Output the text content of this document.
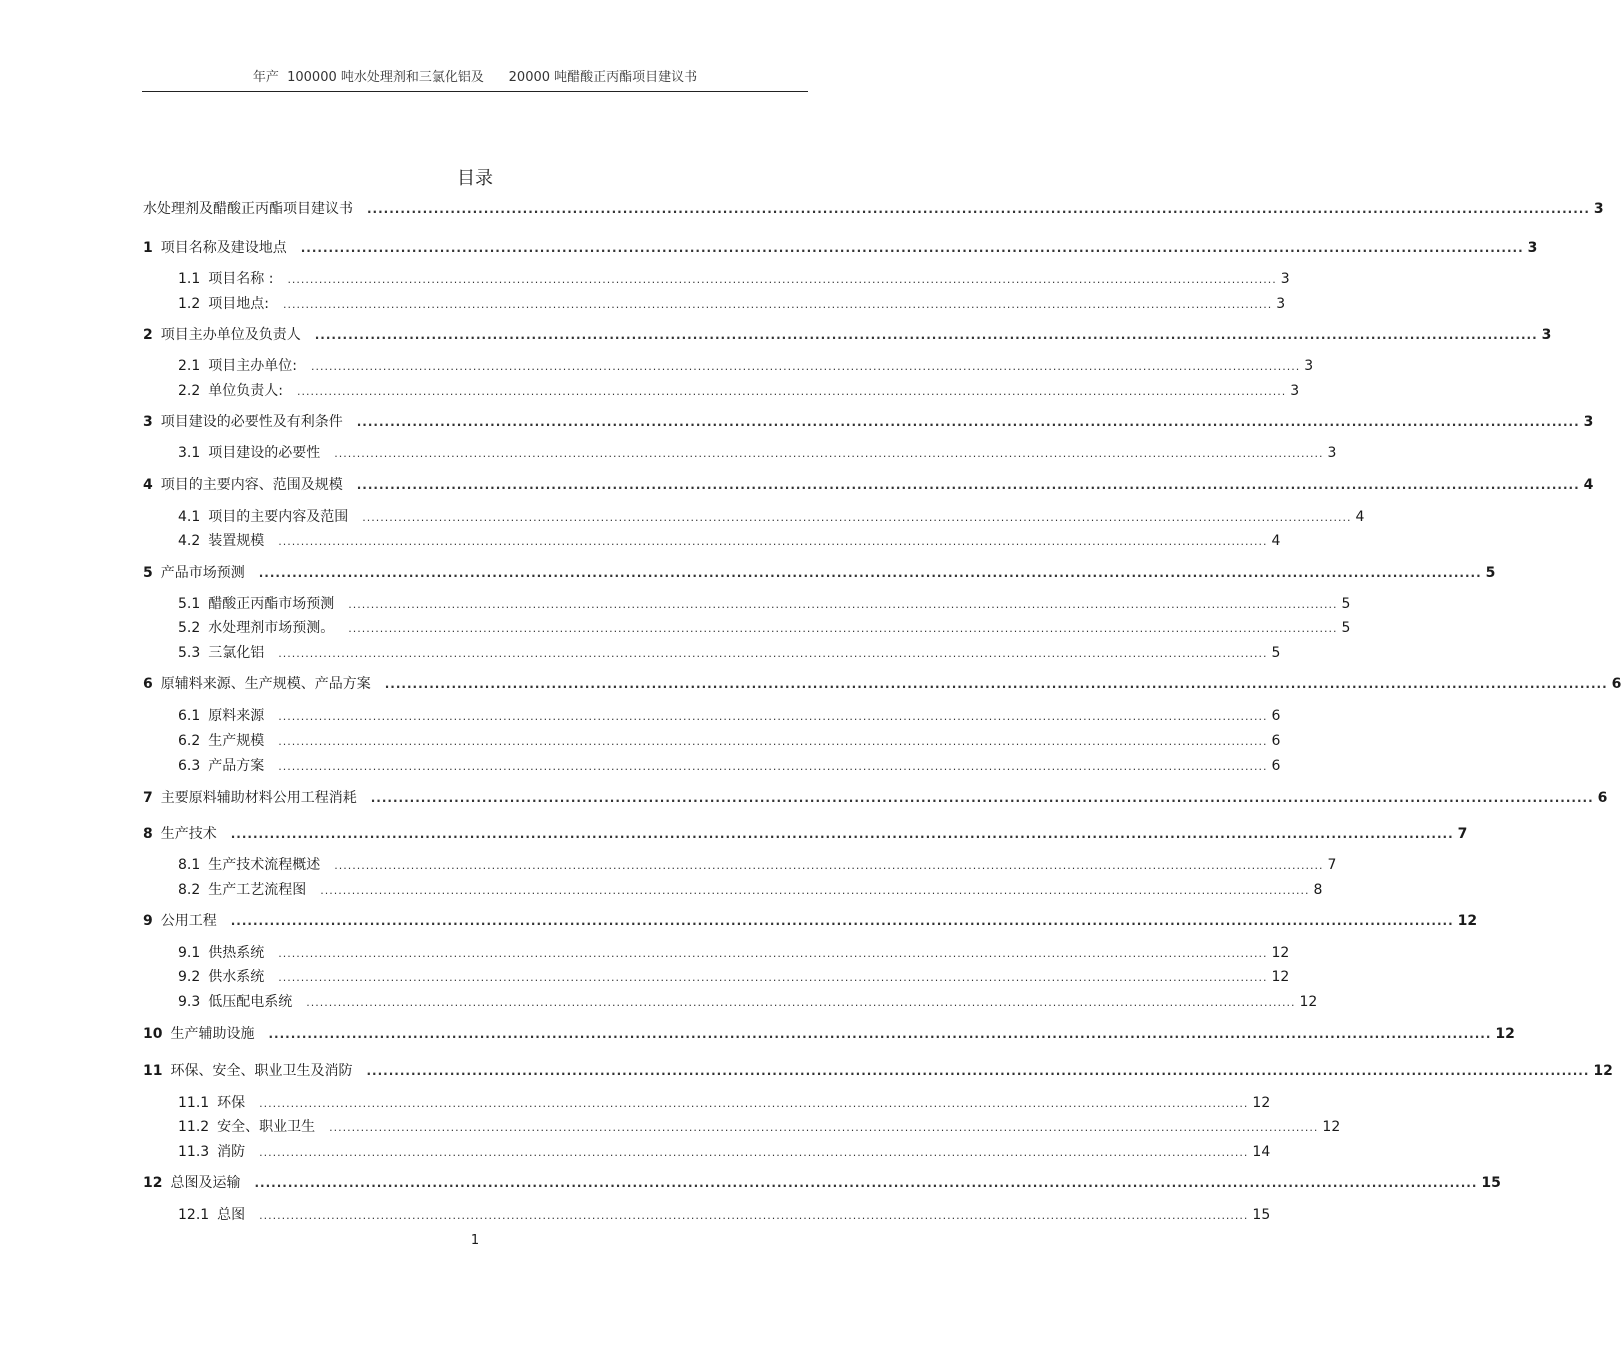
年产  100000 吨水处理剂和三氯化铝及      20000 吨醋酸正丙酯项目建议书
目录
水处理剂及醋酸正丙酯项目建议书 ............................................................................................................................................................................................................................ 3
1 项目名称及建设地点 ............................................................................................................................................................................................................................ 3
1.1 项目名称 : ............................................................................................................................................................................................................................ 3
1.2 项目地点: ............................................................................................................................................................................................................................ 3
2 项目主办单位及负责人 ............................................................................................................................................................................................................................ 3
2.1 项目主办单位: ............................................................................................................................................................................................................................ 3
2.2 单位负责人: ............................................................................................................................................................................................................................ 3
3 项目建设的必要性及有利条件 ............................................................................................................................................................................................................................ 3
3.1 项目建设的必要性 ............................................................................................................................................................................................................................ 3
4 项目的主要内容、范围及规模 ............................................................................................................................................................................................................................ 4
4.1 项目的主要内容及范围 ............................................................................................................................................................................................................................ 4
4.2 装置规模 ............................................................................................................................................................................................................................ 4
5 产品市场预测 ............................................................................................................................................................................................................................ 5
5.1 醋酸正丙酯市场预测 ............................................................................................................................................................................................................................ 5
5.2 水处理剂市场预测。 ............................................................................................................................................................................................................................ 5
5.3 三氯化铝 ............................................................................................................................................................................................................................ 5
6 原辅料来源、生产规模、产品方案 ............................................................................................................................................................................................................................ 6
6.1 原料来源 ............................................................................................................................................................................................................................ 6
6.2 生产规模 ............................................................................................................................................................................................................................ 6
6.3 产品方案 ............................................................................................................................................................................................................................ 6
7 主要原料辅助材料公用工程消耗 ............................................................................................................................................................................................................................ 6
8 生产技术 ............................................................................................................................................................................................................................ 7
8.1 生产技术流程概述 ............................................................................................................................................................................................................................ 7
8.2 生产工艺流程图 ............................................................................................................................................................................................................................ 8
9 公用工程 ............................................................................................................................................................................................................................ 12
9.1 供热系统 ............................................................................................................................................................................................................................ 12
9.2 供水系统 ............................................................................................................................................................................................................................ 12
9.3 低压配电系统 ............................................................................................................................................................................................................................ 12
10 生产辅助设施 ............................................................................................................................................................................................................................ 12
11 环保、安全、职业卫生及消防 ............................................................................................................................................................................................................................ 12
11.1 环保 ............................................................................................................................................................................................................................ 12
11.2 安全、职业卫生 ............................................................................................................................................................................................................................ 12
11.3 消防 ............................................................................................................................................................................................................................ 14
12 总图及运输 ............................................................................................................................................................................................................................ 15
12.1 总图 ............................................................................................................................................................................................................................ 15
1
